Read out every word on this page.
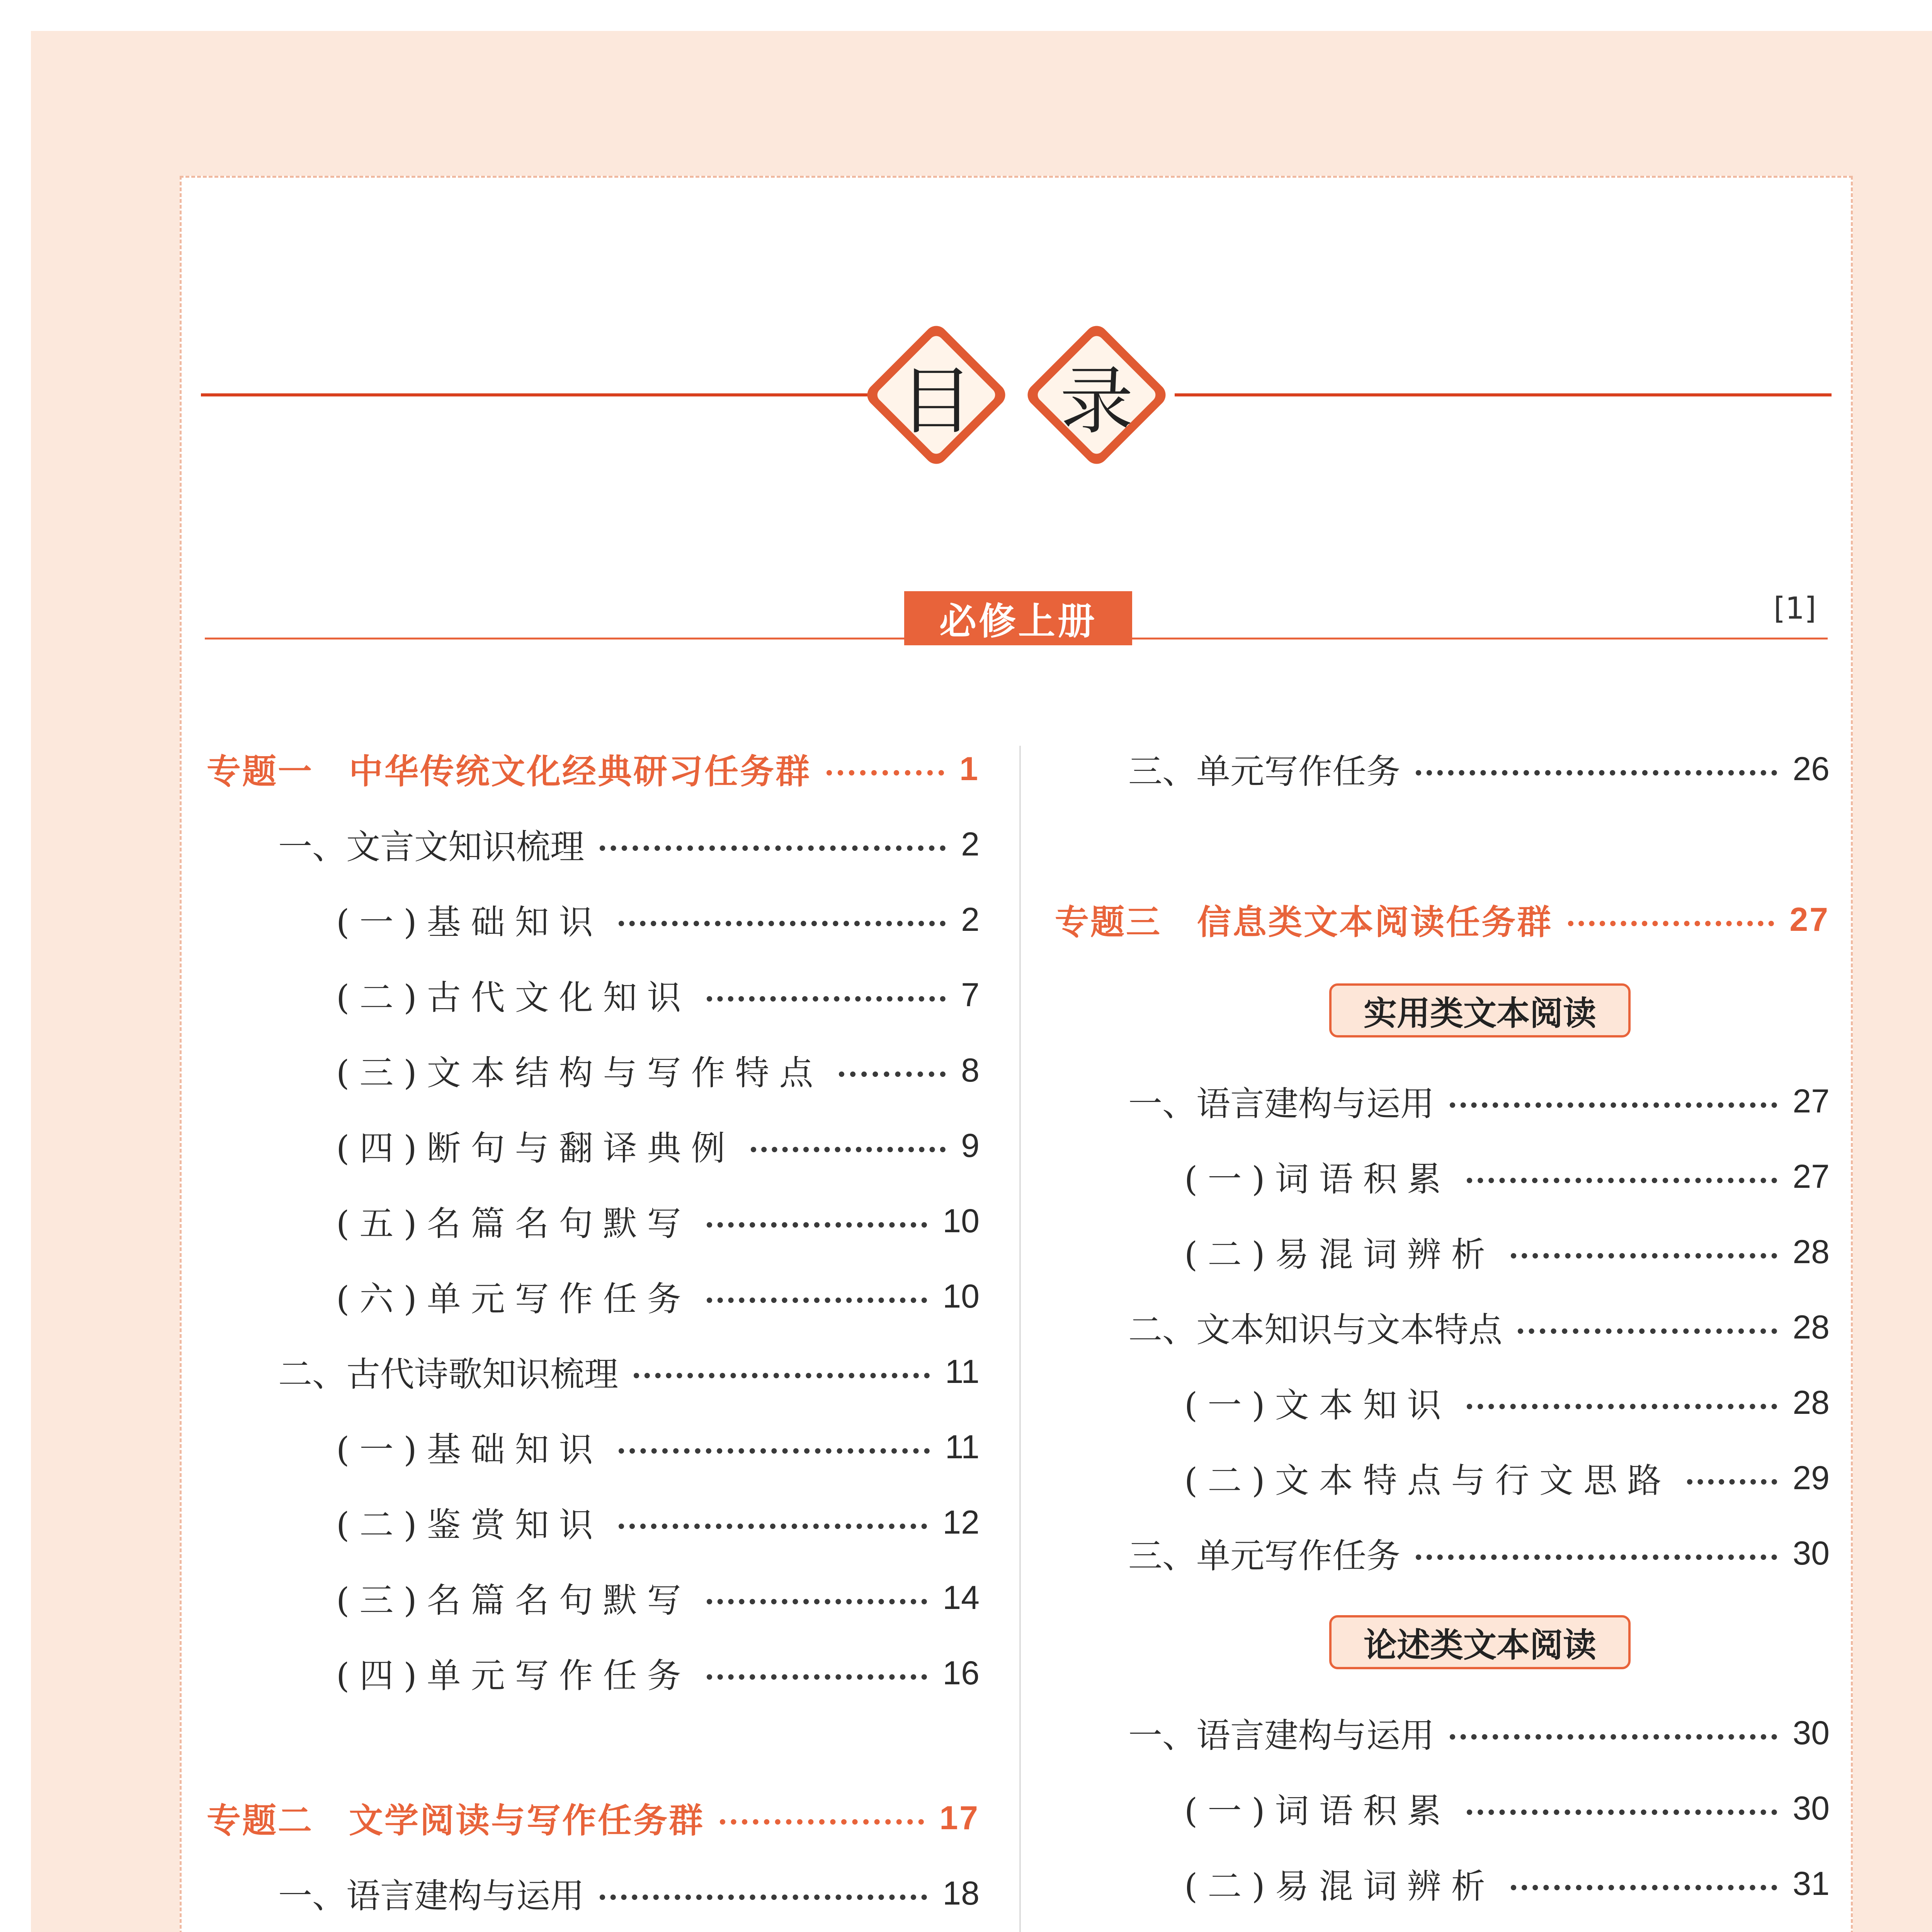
目	录
必修上册	[1]
专题一　中华传统文化经典研习任务群	1
一、文言文知识梳理	2
(一)基础知识	2
(二)古代文化知识	7
(三)文本结构与写作特点	8
(四)断句与翻译典例	9
(五)名篇名句默写	10
(六)单元写作任务	10
二、古代诗歌知识梳理	11
(一)基础知识	11
(二)鉴赏知识	12
(三)名篇名句默写	14
(四)单元写作任务	16
专题二　文学阅读与写作任务群	17
一、语言建构与运用	18
三、单元写作任务	26
专题三　信息类文本阅读任务群	27
实用类文本阅读
一、语言建构与运用	27
(一)词语积累	27
(二)易混词辨析	28
二、文本知识与文本特点	28
(一)文本知识	28
(二)文本特点与行文思路	29
三、单元写作任务	30
论述类文本阅读
一、语言建构与运用	30
(一)词语积累	30
(二)易混词辨析	31
